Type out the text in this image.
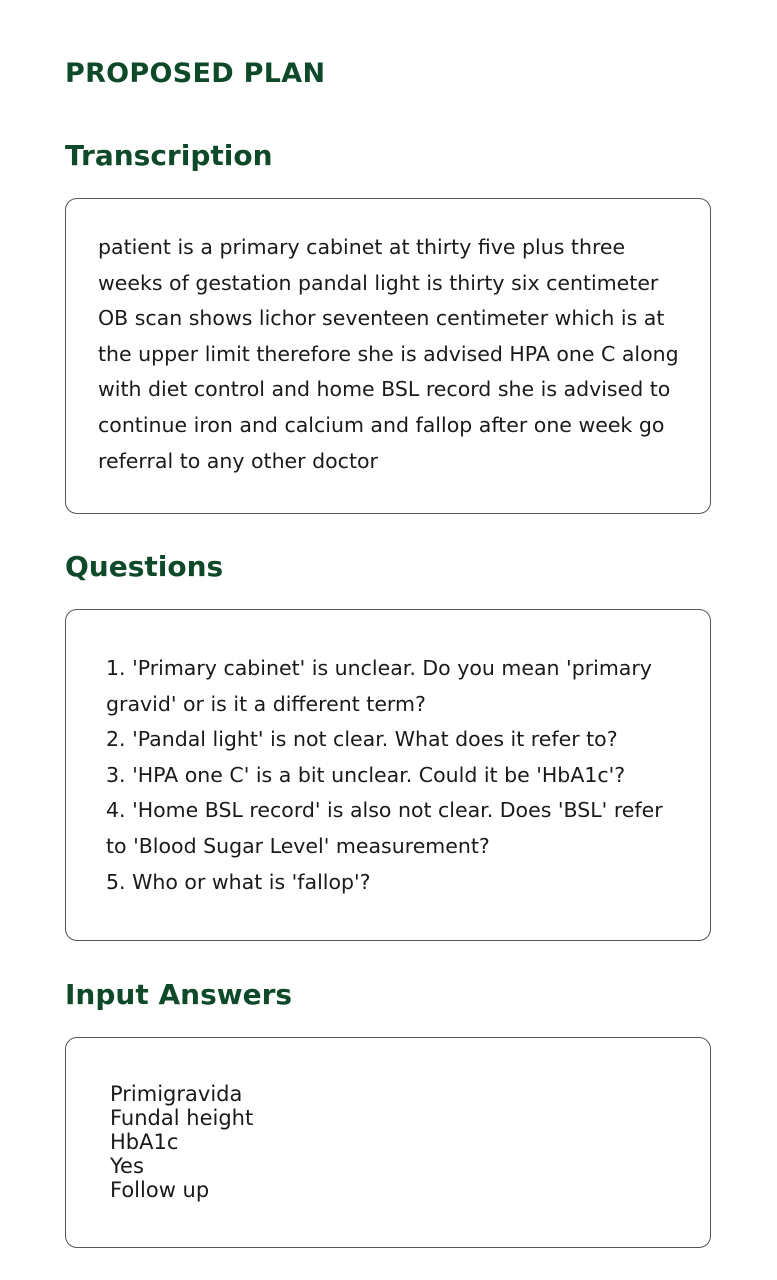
PROPOSED PLAN
Transcription

patient is a primary cabinet at thirty five plus three weeks of gestation pandal light is thirty six centimeter OB scan shows lichor seventeen centimeter which is at the upper limit therefore she is advised HPA one C along with diet control and home BSL record she is advised to continue iron and calcium and fallop after one week go referral to any other doctor

Questions
1. 'Primary cabinet' is unclear. Do you mean 'primary gravid' or is it a different term?
2. 'Pandal light' is not clear. What does it refer to?
3. 'HPA one C' is a bit unclear. Could it be 'HbA1c'?
4. 'Home BSL record' is also not clear. Does 'BSL' refer to 'Blood Sugar Level' measurement?
5. Who or what is 'fallop'?
Input Answers
Primigravida
Fundal height
HbA1c
Yes
Follow up
